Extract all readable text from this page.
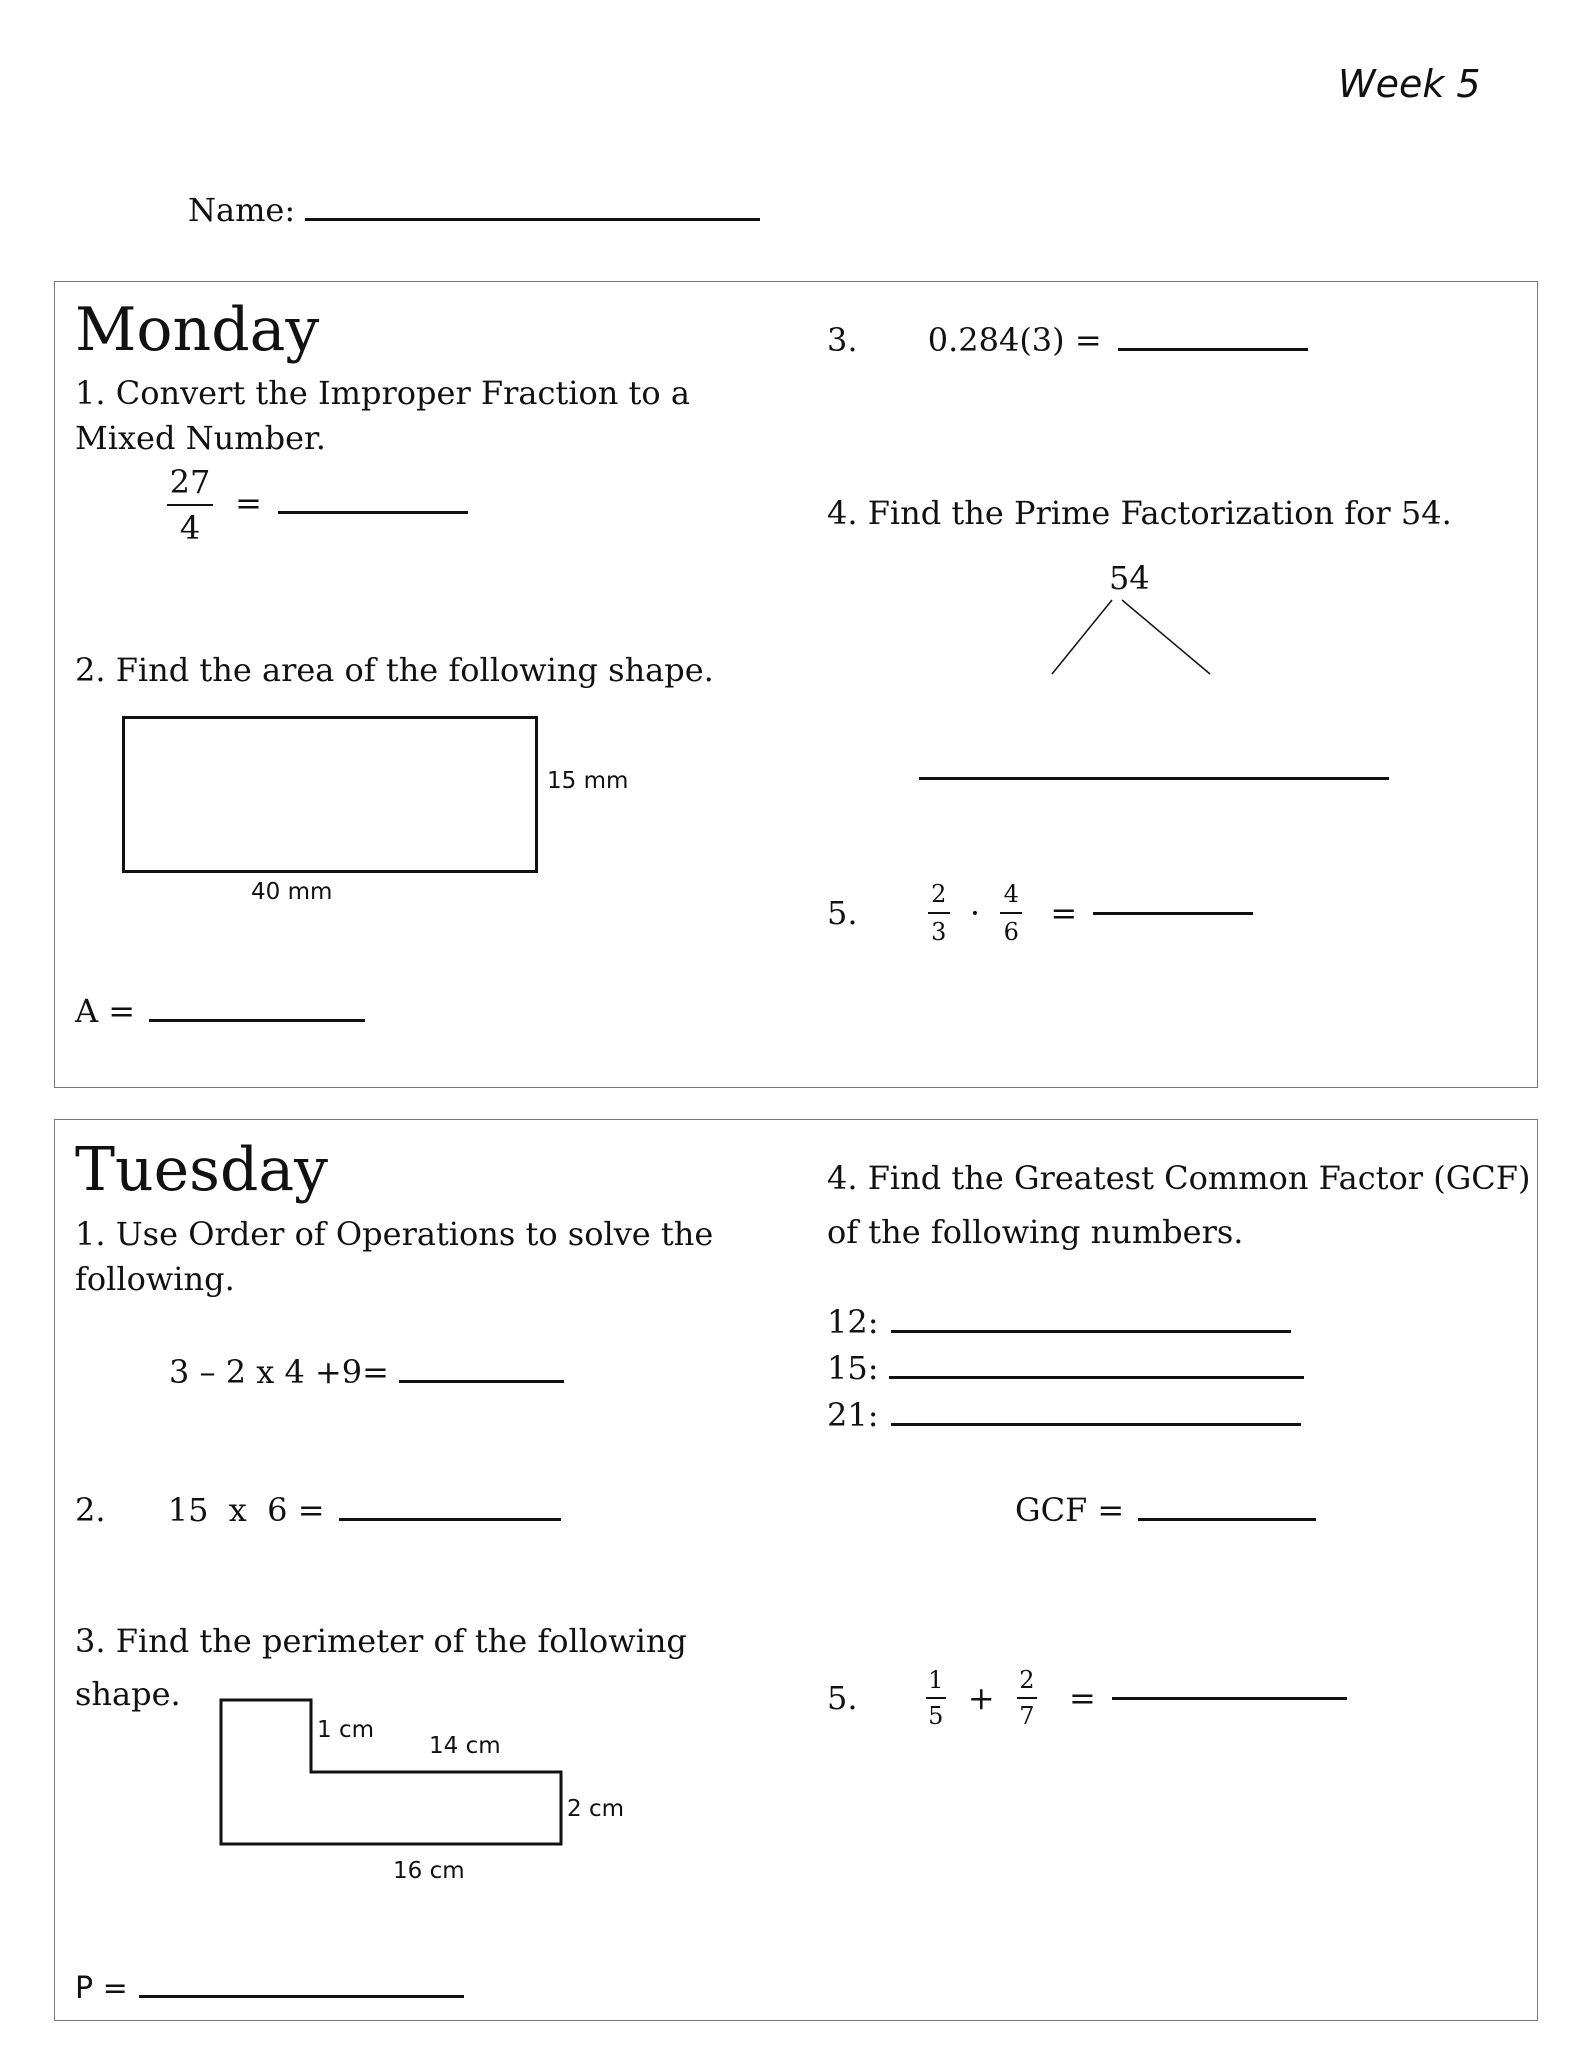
Week 5
Name:
Monday
1. Convert the Improper Fraction to a
Mixed Number.
$\frac{27}{4}$ =
2. Find the area of the following shape.
15 mm
40 mm
A =
3. 0.284(3) =
4. Find the Prime Factorization for 54.
54
5.	$\frac{2}{3} \cdot \frac{4}{6}$ =
Tuesday
1. Use Order of Operations to solve the
following.
3 – 2 x 4 +9=
2. 15  x  6 =
3. Find the perimeter of the following
shape.
1 cm
14 cm
2 cm
16 cm
P =
4. Find the Greatest Common Factor (GCF)
of the following numbers.
12:
15:
21:
GCF =
5.	$\frac{1}{5} + \frac{2}{7}$ =
